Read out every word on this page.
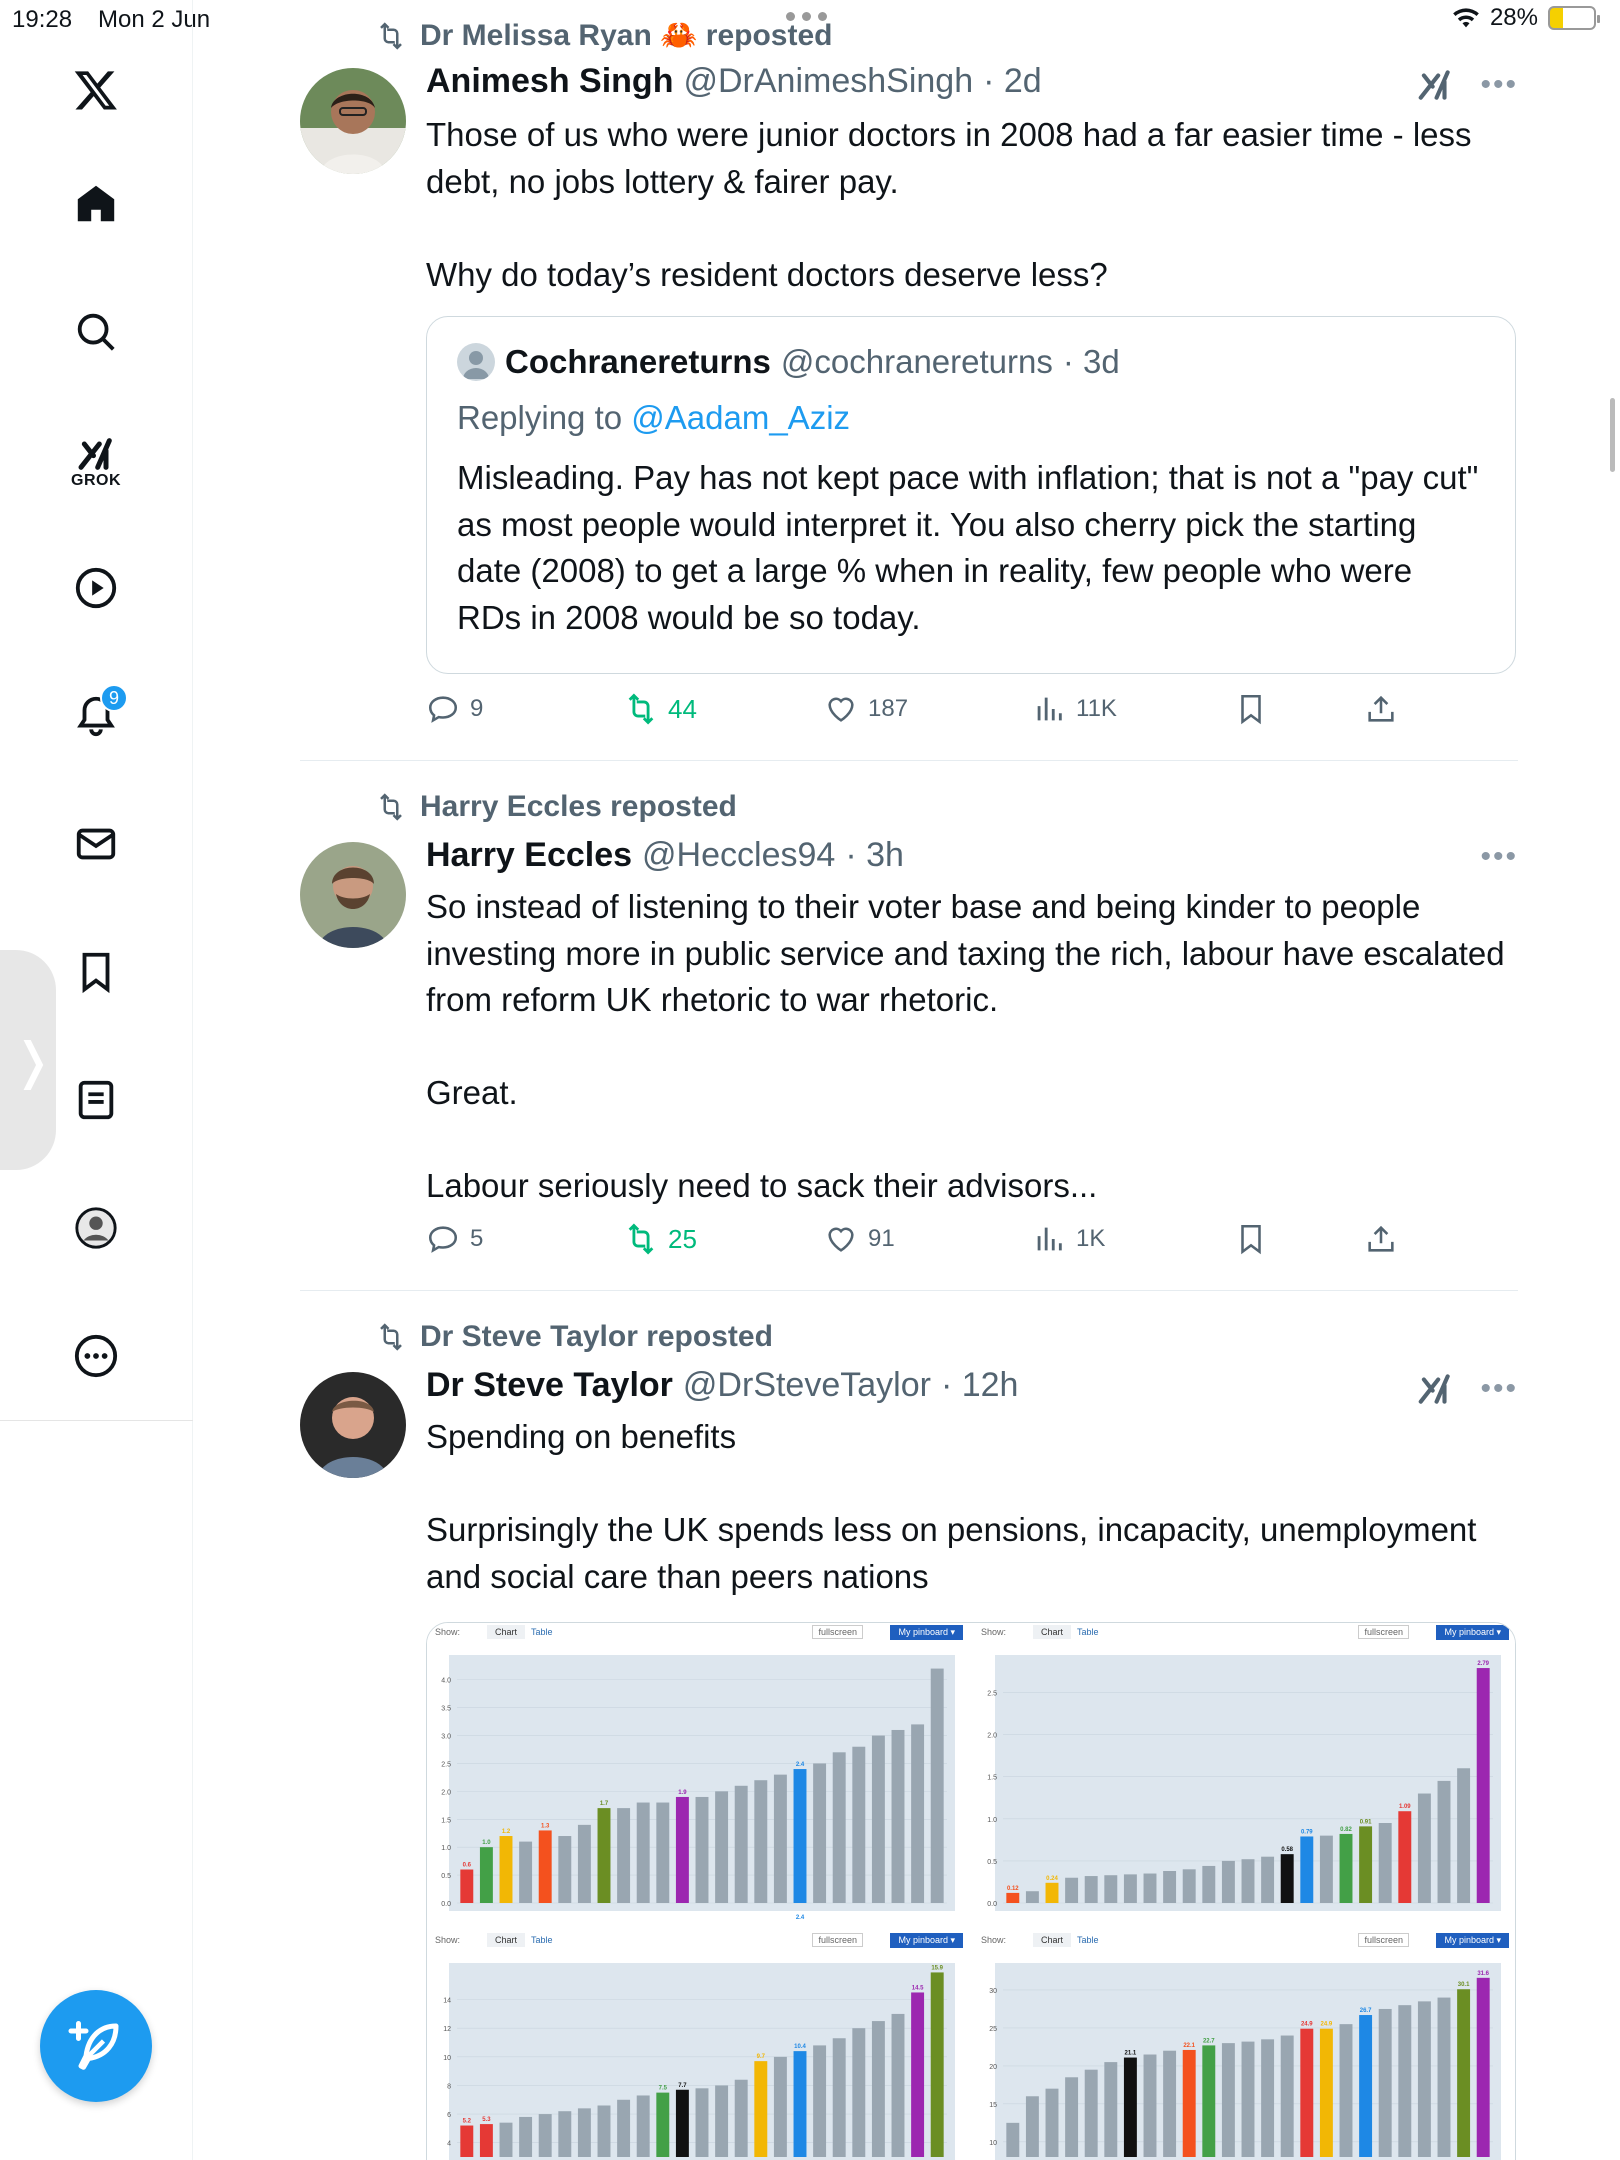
19:28 Mon 2 Jun	28%
GROK
9
❭
Dr Melissa Ryan 🦀 reposted
Animesh Singh @DrAnimeshSingh · 2d	•••
Those of us who were junior doctors in 2008 had a far easier time - less debt, no jobs lottery & fairer pay.

Why do today’s resident doctors deserve less?
Cochranereturns @cochranereturns · 3d
Replying to @Aadam_Aziz
Misleading. Pay has not kept pace with inflation; that is not a "pay cut" as most people would interpret it. You also cherry pick the starting date (2008) to get a large % when in reality, few people who were RDs in 2008 would be so today.
9	44	187	11K
Harry Eccles reposted
Harry Eccles @Heccles94 · 3h	•••
So instead of listening to their voter base and being kinder to people investing more in public service and taxing the rich, labour have escalated from reform UK rhetoric to war rhetoric.

Great.

Labour seriously need to sack their advisors...
5	25	91	1K
Dr Steve Taylor reposted
Dr Steve Taylor @DrSteveTaylor · 12h	•••
Spending on benefits

Surprisingly the UK spends less on pensions, incapacity, unemployment and social care than peers nations
Show:	Chart	Table	fullscreen	My pinboard ▾
0.0
0.5
1.0
1.5
2.0
2.5
3.0
3.5
4.0
0.6
1.0
1.2
1.3
1.7
1.9
2.4
2.4
Show:	Chart	Table	fullscreen	My pinboard ▾
0.0
0.5
1.0
1.5
2.0
2.5
0.12
0.24
0.58
0.79	0.82
0.91
1.09
2.79
Show:	Chart	Table	fullscreen	My pinboard ▾
4
6
8
10
12
14
5.2 5.3
7.5 7.7
9.7
10.4
14.5
15.9
Show:	Chart	Table	fullscreen	My pinboard ▾
10
15
20
25
30
21.1
22.1
22.7
24.9 24.9
26.7
30.1
31.6
